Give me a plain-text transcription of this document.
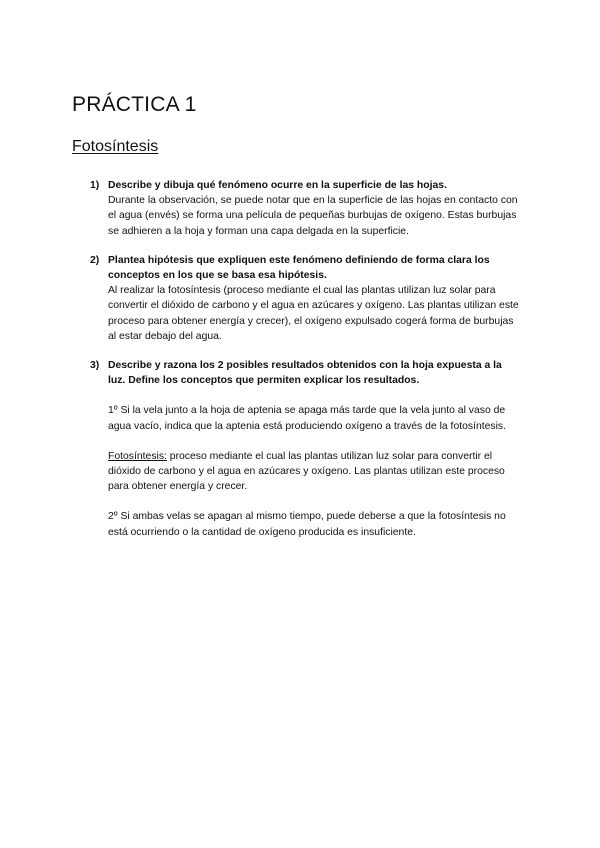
PRÁCTICA 1
Fotosíntesis
1) Describe y dibuja qué fenómeno ocurre en la superficie de las hojas.
Durante la observación, se puede notar que en la superficie de las hojas en contacto con el agua (envés) se forma una película de pequeñas burbujas de oxígeno. Estas burbujas se adhieren a la hoja y forman una capa delgada en la superficie.
2) Plantea hipótesis que expliquen este fenómeno definiendo de forma clara los conceptos en los que se basa esa hipótesis.
Al realizar la fotosíntesis (proceso mediante el cual las plantas utilizan luz solar para convertir el dióxido de carbono y el agua en azúcares y oxígeno. Las plantas utilizan este proceso para obtener energía y crecer), el oxígeno expulsado cogerá forma de burbujas al estar debajo del agua.
3) Describe y razona los 2 posibles resultados obtenidos con la hoja expuesta a la luz. Define los conceptos que permiten explicar los resultados.
1º Si la vela junto a la hoja de aptenia se apaga más tarde que la vela junto al vaso de agua vacío, indica que la aptenia está produciendo oxígeno a través de la fotosíntesis.
Fotosíntesis: proceso mediante el cual las plantas utilizan luz solar para convertir el dióxido de carbono y el agua en azúcares y oxígeno. Las plantas utilizan este proceso para obtener energía y crecer.
2º Si ambas velas se apagan al mismo tiempo, puede deberse a que la fotosíntesis no está ocurriendo o la cantidad de oxígeno producida es insuficiente.
